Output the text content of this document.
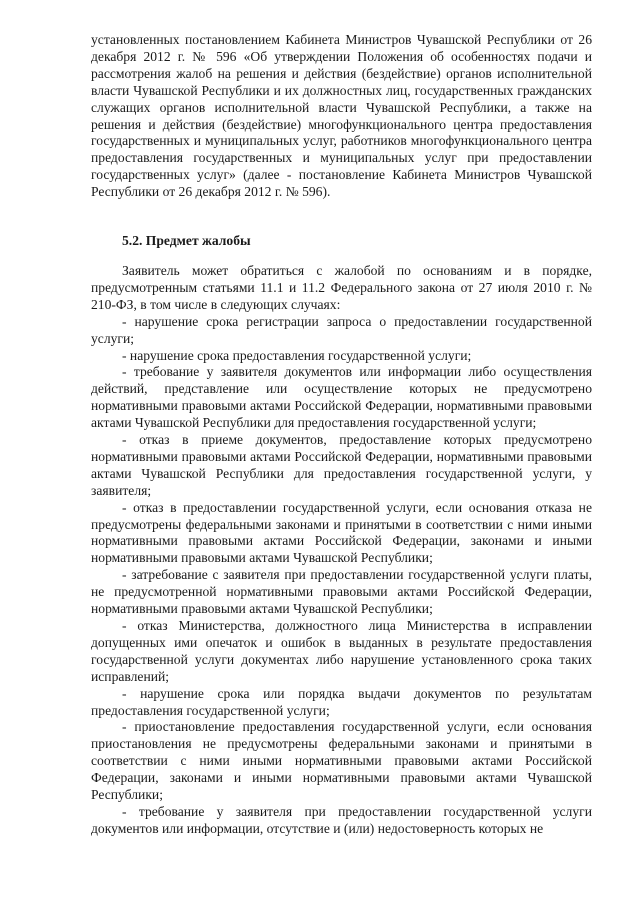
установленных постановлением Кабинета Министров Чувашской Республики от 26 декабря 2012 г. № 596 «Об утверждении Положения об особенностях подачи и рассмотрения жалоб на решения и действия (бездействие) органов исполнительной власти Чувашской Республики и их должностных лиц, государственных гражданских служащих органов исполнительной власти Чувашской Республики, а также на решения и действия (бездействие) многофункционального центра предоставления государственных и муниципальных услуг, работников многофункционального центра предоставления государственных и муниципальных услуг при предоставлении государственных услуг» (далее - постановление Кабинета Министров Чувашской Республики от 26 декабря 2012 г. № 596).

5.2. Предмет жалобы

Заявитель может обратиться с жалобой по основаниям и в порядке, предусмотренным статьями 11.1 и 11.2 Федерального закона от 27 июля 2010 г. № 210-ФЗ, в том числе в следующих случаях:

- нарушение срока регистрации запроса о предоставлении государственной услуги;

- нарушение срока предоставления государственной услуги;

- требование у заявителя документов или информации либо осуществления действий, представление или осуществление которых не предусмотрено нормативными правовыми актами Российской Федерации, нормативными правовыми актами Чувашской Республики для предоставления государственной услуги;

- отказ в приеме документов, предоставление которых предусмотрено нормативными правовыми актами Российской Федерации, нормативными правовыми актами Чувашской Республики для предоставления государственной услуги, у заявителя;

- отказ в предоставлении государственной услуги, если основания отказа не предусмотрены федеральными законами и принятыми в соответствии с ними иными нормативными правовыми актами Российской Федерации, законами и иными нормативными правовыми актами Чувашской Республики;

- затребование с заявителя при предоставлении государственной услуги платы, не предусмотренной нормативными правовыми актами Российской Федерации, нормативными правовыми актами Чувашской Республики;

- отказ Министерства, должностного лица Министерства в исправлении допущенных ими опечаток и ошибок в выданных в результате предоставления государственной услуги документах либо нарушение установленного срока таких исправлений;

- нарушение срока или порядка выдачи документов по результатам предоставления государственной услуги;

- приостановление предоставления государственной услуги, если основания приостановления не предусмотрены федеральными законами и принятыми в соответствии с ними иными нормативными правовыми актами Российской Федерации, законами и иными нормативными правовыми актами Чувашской Республики;

- требование у заявителя при предоставлении государственной услуги документов или информации, отсутствие и (или) недостоверность которых не
